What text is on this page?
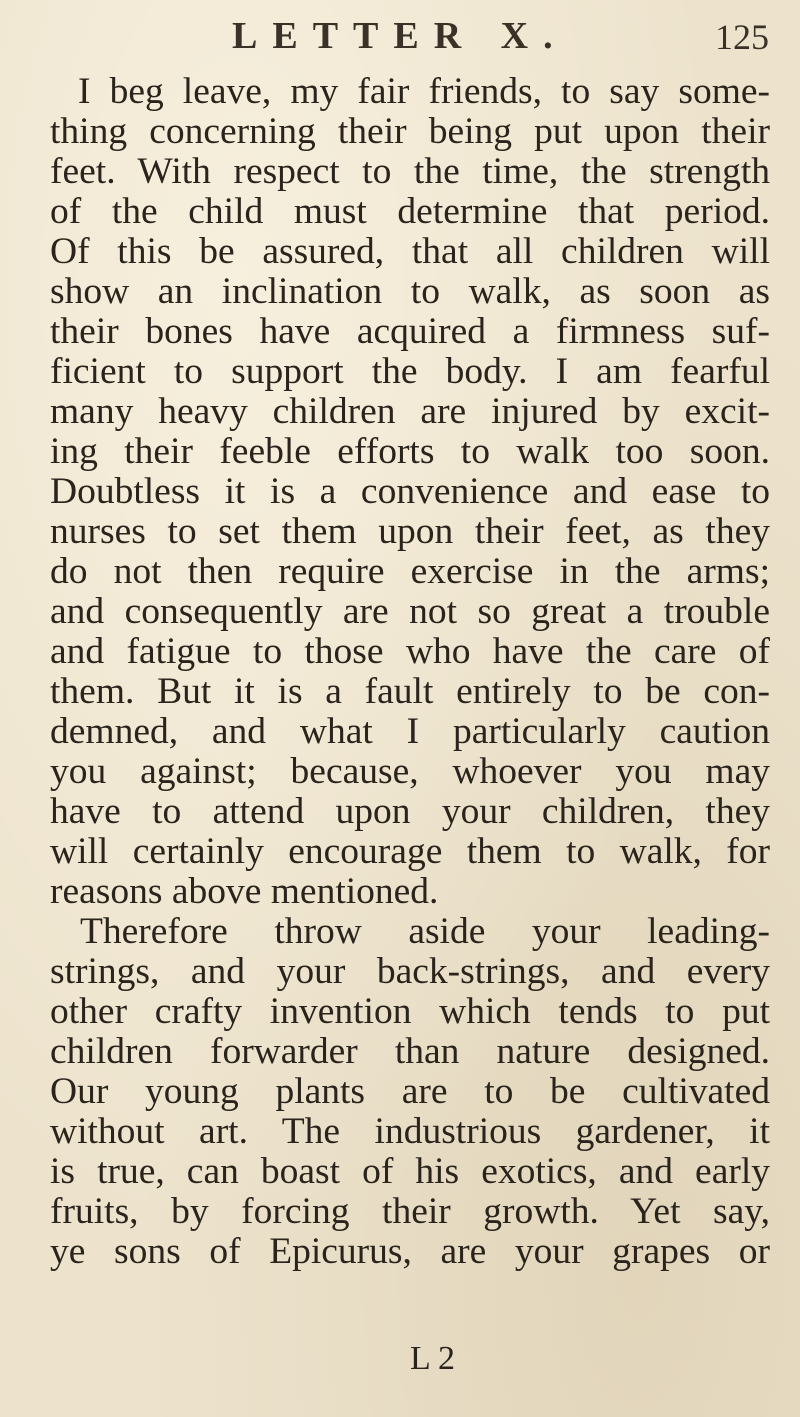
LETTER X.	125
I beg leave, my fair friends, to say some-
thing concerning their being put upon their
feet. With respect to the time, the strength
of the child must determine that period.
Of this be assured, that all children will
show an inclination to walk, as soon as
their bones have acquired a firmness suf-
ficient to support the body. I am fearful
many heavy children are injured by excit-
ing their feeble efforts to walk too soon.
Doubtless it is a convenience and ease to
nurses to set them upon their feet, as they
do not then require exercise in the arms;
and consequently are not so great a trouble
and fatigue to those who have the care of
them. But it is a fault entirely to be con-
demned, and what I particularly caution
you against; because, whoever you may
have to attend upon your children, they
will certainly encourage them to walk, for
reasons above mentioned.
Therefore throw aside your leading-
strings, and your back-strings, and every
other crafty invention which tends to put
children forwarder than nature designed.
Our young plants are to be cultivated
without art. The industrious gardener, it
is true, can boast of his exotics, and early
fruits, by forcing their growth. Yet say,
ye sons of Epicurus, are your grapes or
L 2
